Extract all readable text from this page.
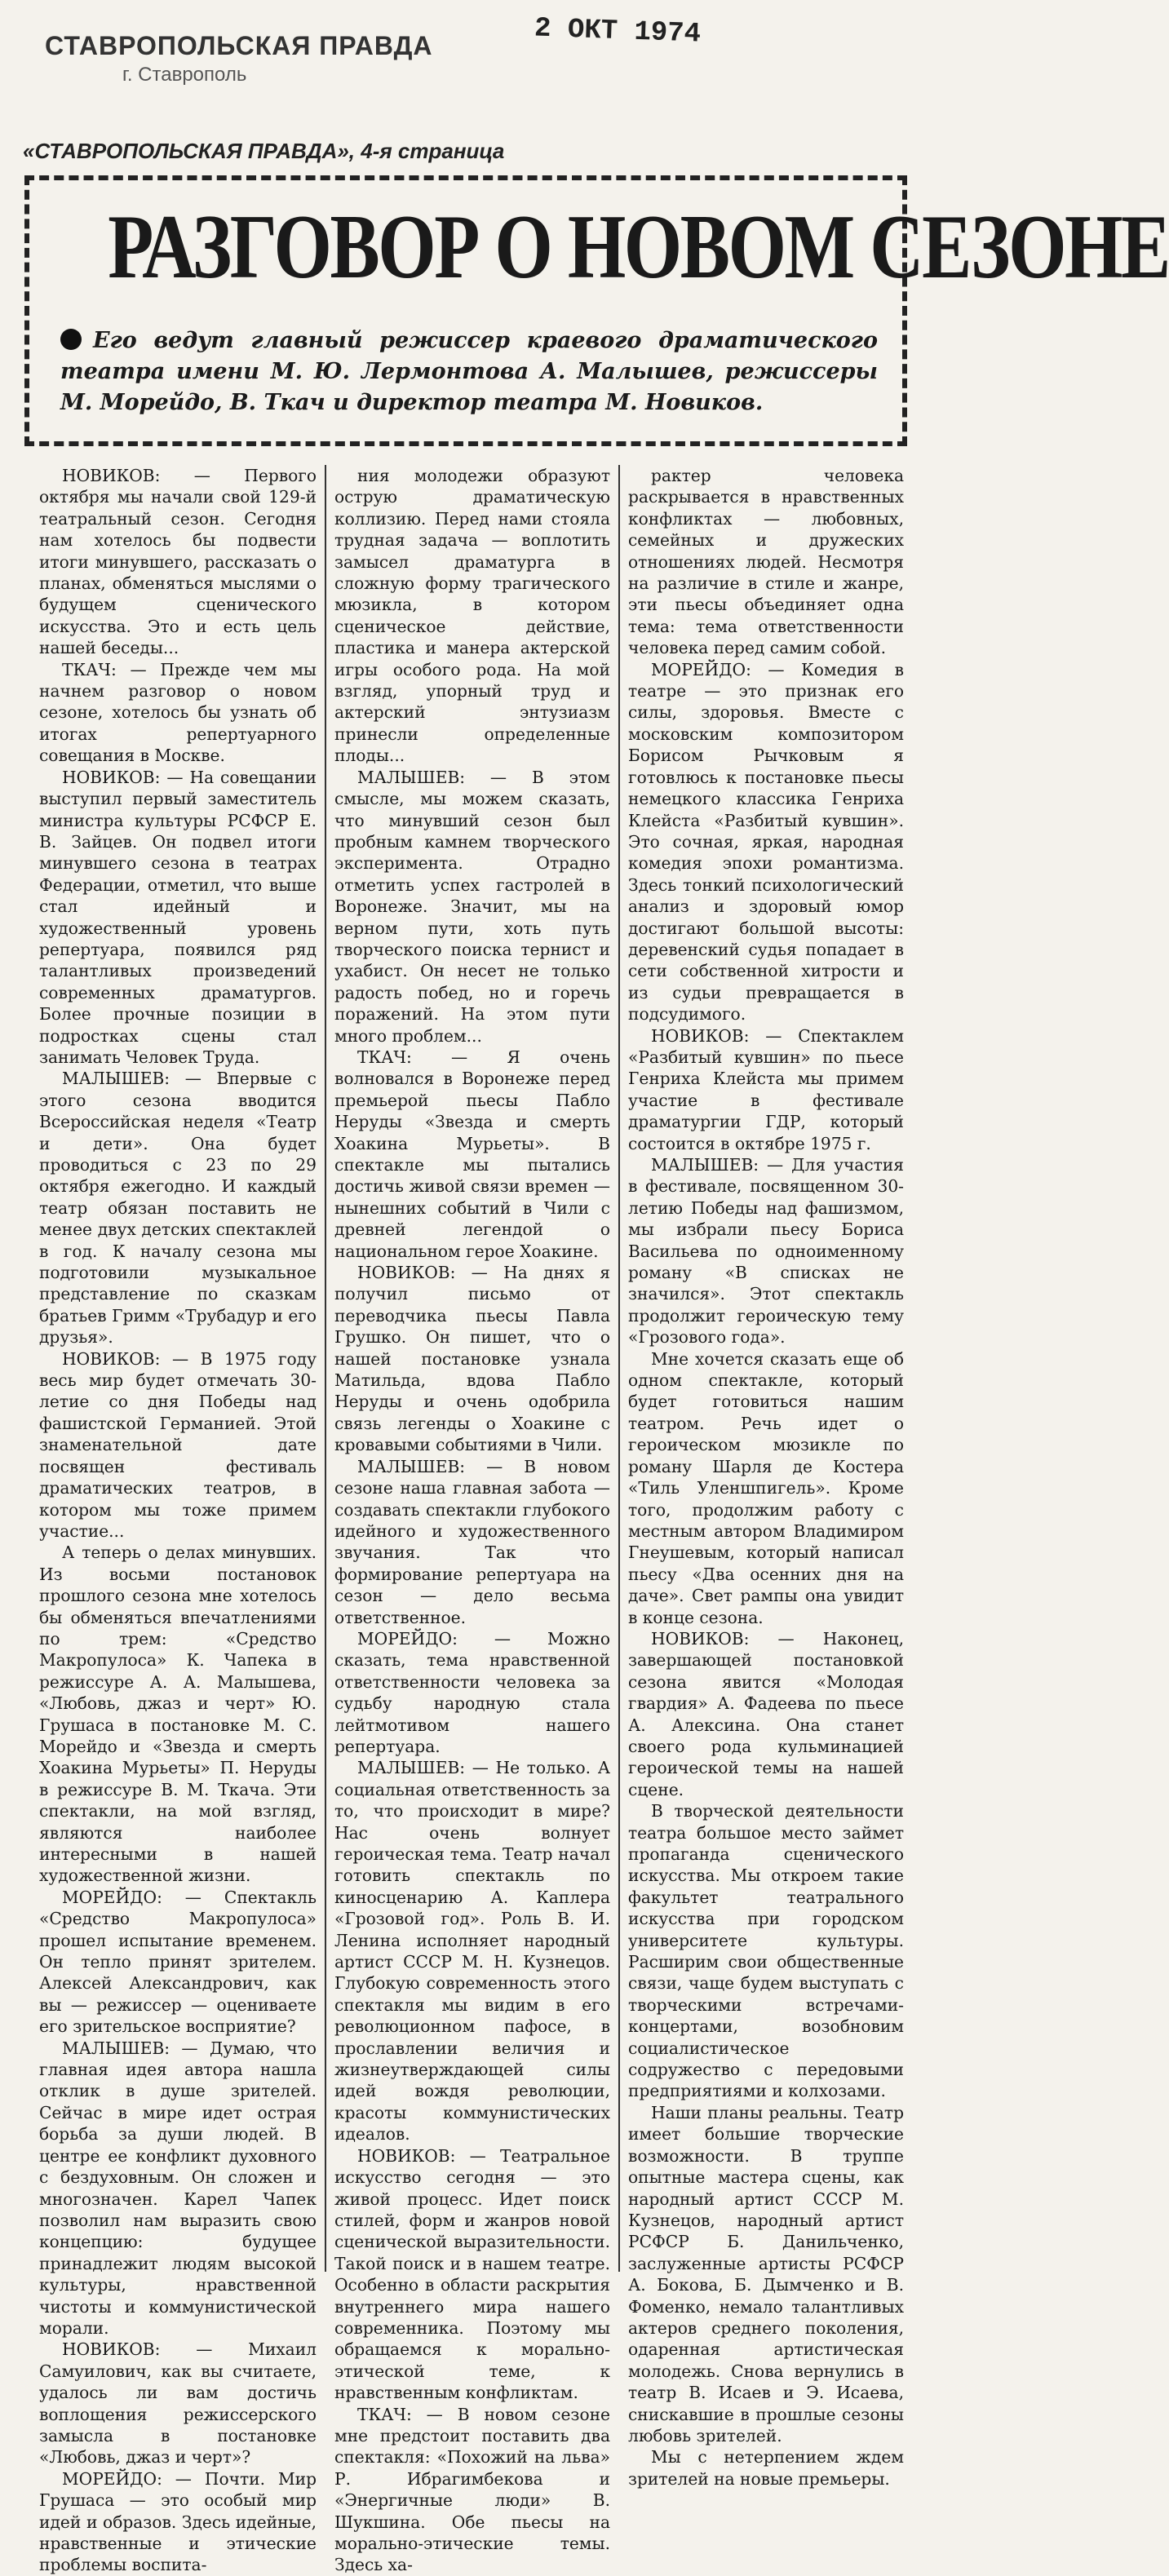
СТАВРОПОЛЬСКАЯ ПРАВДА
г. Ставрополь
2 ОКТ 1974
«СТАВРОПОЛЬСКАЯ ПРАВДА», 4-я страница
РАЗГОВОР О НОВОМ СЕЗОНЕ
Его ведут главный режиссер краевого драматического театра имени М. Ю. Лермонтова А. Малышев, режиссеры М. Морейдо, В. Ткач и директор театра М. Новиков.

НОВИКОВ: — Первого октября мы начали свой 129-й театральный сезон. Сегодня нам хотелось бы подвести итоги минувшего, рассказать о планах, обменяться мыслями о будущем сценического искусства. Это и есть цель нашей беседы...

ТКАЧ: — Прежде чем мы начнем разговор о новом сезоне, хотелось бы узнать об итогах репертуарного совещания в Москве.

НОВИКОВ: — На совещании выступил первый заместитель министра культуры РСФСР Е. В. Зайцев. Он подвел итоги минувшего сезона в театрах Федерации, отметил, что выше стал идейный и художественный уровень репертуара, появился ряд талантливых произведений современных драматургов. Более прочные позиции в подростках сцены стал занимать Человек Труда.

МАЛЫШЕВ: — Впервые с этого сезона вводится Всероссийская неделя «Театр и дети». Она будет проводиться с 23 по 29 октября ежегодно. И каждый театр обязан поставить не менее двух детских спектаклей в год. К началу сезона мы подготовили музыкальное представление по сказкам братьев Гримм «Трубадур и его друзья».

НОВИКОВ: — В 1975 году весь мир будет отмечать 30-летие со дня Победы над фашистской Германией. Этой знаменательной дате посвящен фестиваль драматических театров, в котором мы тоже примем участие...

А теперь о делах минувших. Из восьми постановок прошлого сезона мне хотелось бы обменяться впечатлениями по трем: «Средство Макропулоса» К. Чапека в режиссуре А. А. Малышева, «Любовь, джаз и черт» Ю. Грушаса в постановке М. С. Морейдо и «Звезда и смерть Хоакина Мурьеты» П. Неруды в режиссуре В. М. Ткача. Эти спектакли, на мой взгляд, являются наиболее интересными в нашей художественной жизни.

МОРЕЙДО: — Спектакль «Средство Макропулоса» прошел испытание временем. Он тепло принят зрителем. Алексей Александрович, как вы — режиссер — оцениваете его зрительское восприятие?

МАЛЫШЕВ: — Думаю, что главная идея автора нашла отклик в душе зрителей. Сейчас в мире идет острая борьба за души людей. В центре ее конфликт духовного с бездуховным. Он сложен и многозначен. Карел Чапек позволил нам выразить свою концепцию: будущее принадлежит людям высокой культуры, нравственной чистоты и коммунистической морали.

НОВИКОВ: — Михаил Самуилович, как вы считаете, удалось ли вам достичь воплощения режиссерского замысла в постановке «Любовь, джаз и черт»?

МОРЕЙДО: — Почти. Мир Грушаса — это особый мир идей и образов. Здесь идейные, нравственные и этические проблемы воспита-

ния молодежи образуют острую драматическую коллизию. Перед нами стояла трудная задача — воплотить замысел драматурга в сложную форму трагического мюзикла, в котором сценическое действие, пластика и манера актерской игры особого рода. На мой взгляд, упорный труд и актерский энтузиазм принесли определенные плоды...

МАЛЫШЕВ: — В этом смысле, мы можем сказать, что минувший сезон был пробным камнем творческого эксперимента. Отрадно отметить успех гастролей в Воронеже. Значит, мы на верном пути, хоть путь творческого поиска тернист и ухабист. Он несет не только радость побед, но и горечь поражений. На этом пути много проблем...

ТКАЧ: — Я очень волновался в Воронеже перед премьерой пьесы Пабло Неруды «Звезда и смерть Хоакина Мурьеты». В спектакле мы пытались достичь живой связи времен — нынешних событий в Чили с древней легендой о национальном герое Хоакине.

НОВИКОВ: — На днях я получил письмо от переводчика пьесы Павла Грушко. Он пишет, что о нашей постановке узнала Матильда, вдова Пабло Неруды и очень одобрила связь легенды о Хоакине с кровавыми событиями в Чили.

МАЛЫШЕВ: — В новом сезоне наша главная забота — создавать спектакли глубокого идейного и художественного звучания. Так что формирование репертуара на сезон — дело весьма ответственное.

МОРЕЙДО: — Можно сказать, тема нравственной ответственности человека за судьбу народную стала лейтмотивом нашего репертуара.

МАЛЫШЕВ: — Не только. А социальная ответственность за то, что происходит в мире? Нас очень волнует героическая тема. Театр начал готовить спектакль по киносценарию А. Каплера «Грозовой год». Роль В. И. Ленина исполняет народный артист СССР М. Н. Кузнецов. Глубокую современность этого спектакля мы видим в его революционном пафосе, в прославлении величия и жизнеутверждающей силы идей вождя революции, красоты коммунистических идеалов.

НОВИКОВ: — Театральное искусство сегодня — это живой процесс. Идет поиск стилей, форм и жанров новой сценической выразительности. Такой поиск и в нашем театре. Особенно в области раскрытия внутреннего мира нашего современника. Поэтому мы обращаемся к морально-этической теме, к нравственным конфликтам.

ТКАЧ: — В новом сезоне мне предстоит поставить два спектакля: «Похожий на льва» Р. Ибрагимбекова и «Энергичные люди» В. Шукшина. Обе пьесы на морально-этические темы. Здесь ха-

рактер человека раскрывается в нравственных конфликтах — любовных, семейных и дружеских отношениях людей. Несмотря на различие в стиле и жанре, эти пьесы объединяет одна тема: тема ответственности человека перед самим собой.

МОРЕЙДО: — Комедия в театре — это признак его силы, здоровья. Вместе с московским композитором Борисом Рычковым я готовлюсь к постановке пьесы немецкого классика Генриха Клейста «Разбитый кувшин». Это сочная, яркая, народная комедия эпохи романтизма. Здесь тонкий психологический анализ и здоровый юмор достигают большой высоты: деревенский судья попадает в сети собственной хитрости и из судьи превращается в подсудимого.

НОВИКОВ: — Спектаклем «Разбитый кувшин» по пьесе Генриха Клейста мы примем участие в фестивале драматургии ГДР, который состоится в октябре 1975 г.

МАЛЫШЕВ: — Для участия в фестивале, посвященном 30-летию Победы над фашизмом, мы избрали пьесу Бориса Васильева по одноименному роману «В списках не значился». Этот спектакль продолжит героическую тему «Грозового года».

Мне хочется сказать еще об одном спектакле, который будет готовиться нашим театром. Речь идет о героическом мюзикле по роману Шарля де Костера «Тиль Уленшпигель». Кроме того, продолжим работу с местным автором Владимиром Гнеушевым, который написал пьесу «Два осенних дня на даче». Свет рампы она увидит в конце сезона.

НОВИКОВ: — Наконец, завершающей постановкой сезона явится «Молодая гвардия» А. Фадеева по пьесе А. Алексина. Она станет своего рода кульминацией героической темы на нашей сцене.

В творческой деятельности театра большое место займет пропаганда сценического искусства. Мы откроем такие факультет театрального искусства при городском университете культуры. Расширим свои общественные связи, чаще будем выступать с творческими встречами-концертами, возобновим социалистическое содружество с передовыми предприятиями и колхозами.

Наши планы реальны. Театр имеет большие творческие возможности. В труппе опытные мастера сцены, как народный артист СССР М. Кузнецов, народный артист РСФСР Б. Данильченко, заслуженные артисты РСФСР А. Бокова, Б. Дымченко и В. Фоменко, немало талантливых актеров среднего поколения, одаренная артистическая молодежь. Снова вернулись в театр В. Исаев и Э. Исаева, снискавшие в прошлые сезоны любовь зрителей.

Мы с нетерпением ждем зрителей на новые премьеры.
